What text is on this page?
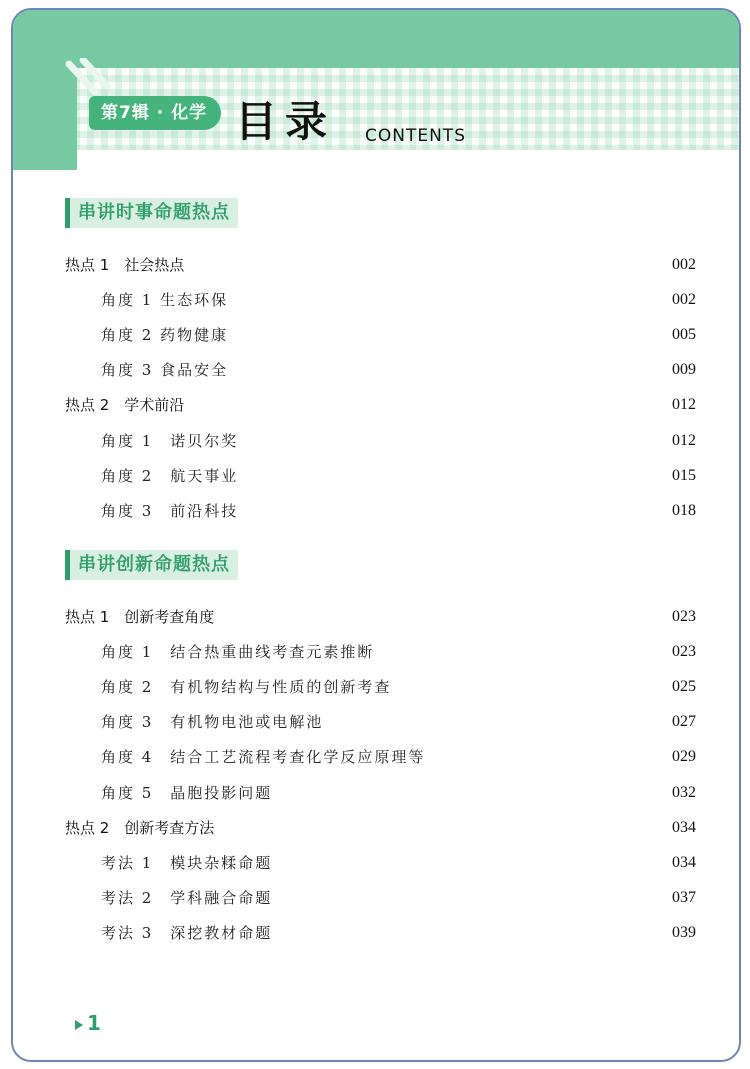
第7辑 · 化学 目录 CONTENTS
串讲时事命题热点
热点 1　社会热点	002
角度 1 生态环保	002
角度 2 药物健康	005
角度 3 食品安全	009
热点 2　学术前沿	012
角度 1　诺贝尔奖	012
角度 2　航天事业	015
角度 3　前沿科技	018
串讲创新命题热点
热点 1　创新考查角度	023
角度 1　结合热重曲线考查元素推断	023
角度 2　有机物结构与性质的创新考查	025
角度 3　有机物电池或电解池	027
角度 4　结合工艺流程考查化学反应原理等	029
角度 5　晶胞投影问题	032
热点 2　创新考查方法	034
考法 1　模块杂糅命题	034
考法 2　学科融合命题	037
考法 3　深挖教材命题	039
1
